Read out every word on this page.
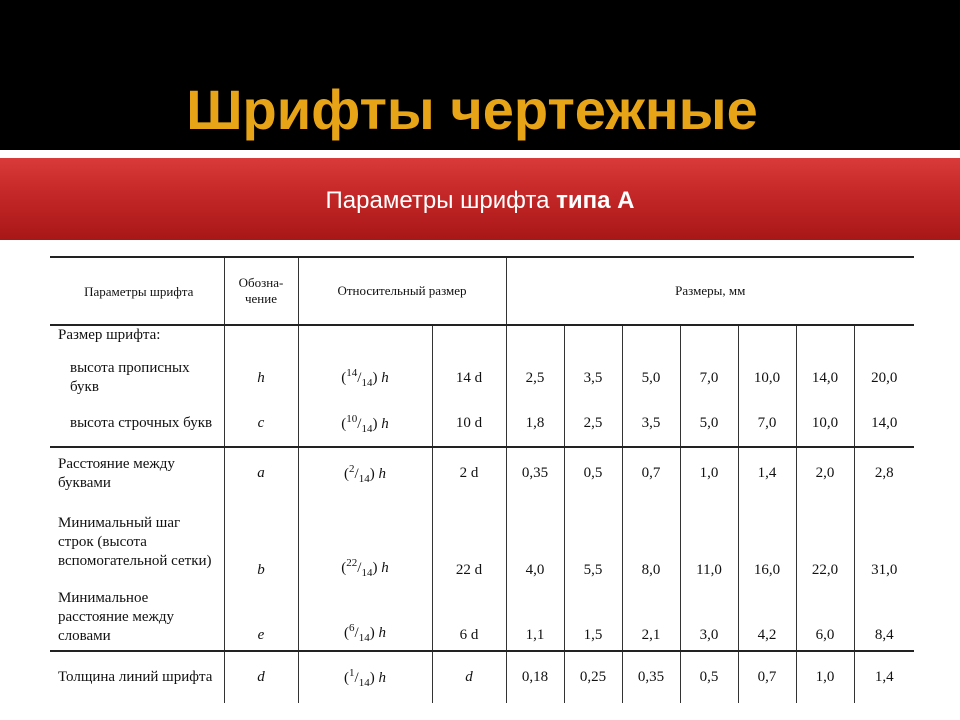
Шрифты чертежные
Параметры шрифта типа А
Параметры шрифта	Обозна-чение	Относительный размер		Размеры, мм						
Размер шрифта:										

высота прописных букв	h	$(^{14}/_{14})$ h	14 d	2,5	3,5	5,0	7,0	10,0	14,0	20,0

высота строчных букв	c	$(^{10}/_{14})$ h	10 d	1,8	2,5	3,5	5,0	7,0	10,0	14,0
Расстояние между буквами	a	$(^2/_{14})$ h	2 d	0,35	0,5	0,7	1,0	1,4	2,0	2,8
Минимальный шаг строк (высота вспомогательной сетки)	b	$(^{22}/_{14})$ h	22 d	4,0	5,5	8,0	11,0	16,0	22,0	31,0
Минимальное расстояние между словами	e	$(^6/_{14})$ h	6 d	1,1	1,5	2,1	3,0	4,2	6,0	8,4
Толщина линий шрифта	d	$(^1/_{14})$ h	d	0,18	0,25	0,35	0,5	0,7	1,0	1,4
